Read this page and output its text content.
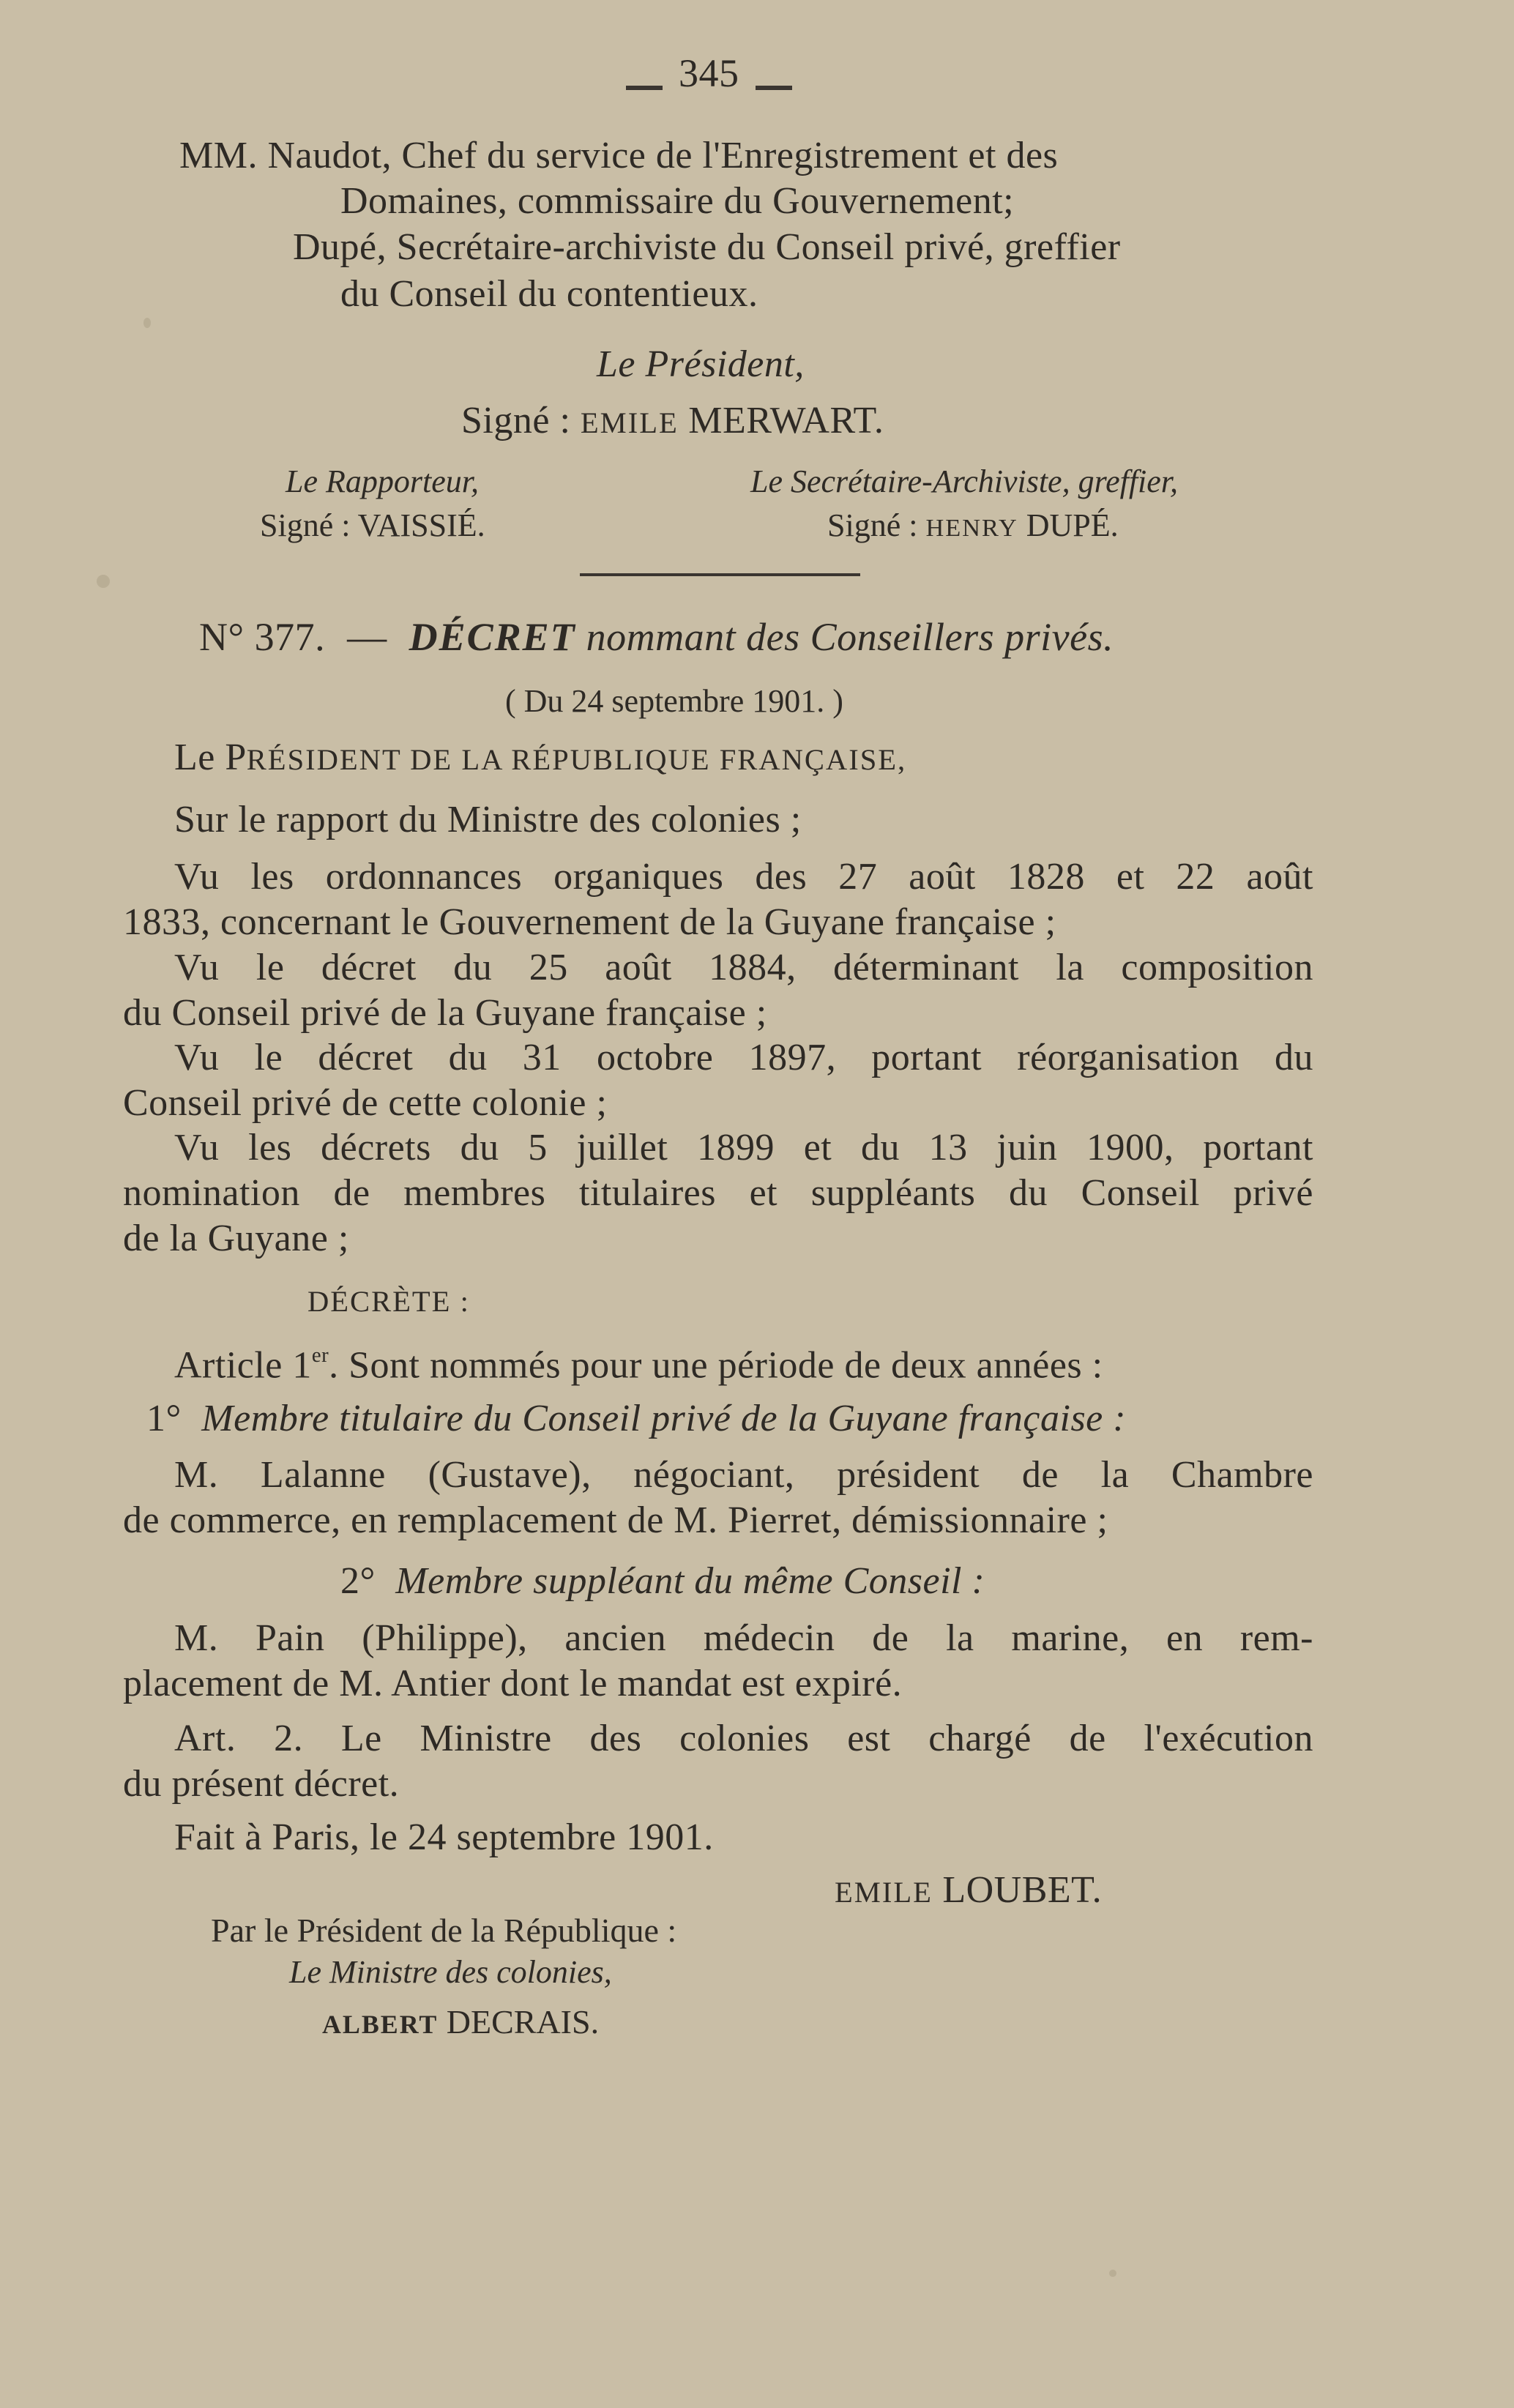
345
MM. Naudot, Chef du service de l'Enregistrement et des
Domaines, commissaire du Gouvernement;
Dupé, Secrétaire-archiviste du Conseil privé, greffier
du Conseil du contentieux.
Le Président,
Signé : EMILE MERWART.
Le Rapporteur,
Signé : VAISSIÉ.
Le Secrétaire-Archiviste, greffier,
Signé : HENRY DUPÉ.
N° 377. — DÉCRET nommant des Conseillers privés.
( Du 24 septembre 1901. )
Le PRÉSIDENT DE LA RÉPUBLIQUE FRANÇAISE,
Sur le rapport du Ministre des colonies ;
Vu les ordonnances organiques des 27 août 1828 et 22 août
1833, concernant le Gouvernement de la Guyane française ;
Vu le décret du 25 août 1884, déterminant la composition
du Conseil privé de la Guyane française ;
Vu le décret du 31 octobre 1897, portant réorganisation du
Conseil privé de cette colonie ;
Vu les décrets du 5 juillet 1899 et du 13 juin 1900, portant
nomination de membres titulaires et suppléants du Conseil privé
de la Guyane ;
DÉCRÈTE :
Article 1er. Sont nommés pour une période de deux années :
1° Membre titulaire du Conseil privé de la Guyane française :
M. Lalanne (Gustave), négociant, président de la Chambre
de commerce, en remplacement de M. Pierret, démissionnaire ;
2° Membre suppléant du même Conseil :
M. Pain (Philippe), ancien médecin de la marine, en rem-
placement de M. Antier dont le mandat est expiré.
Art. 2. Le Ministre des colonies est chargé de l'exécution
du présent décret.
Fait à Paris, le 24 septembre 1901.
EMILE LOUBET.
Par le Président de la République :
Le Ministre des colonies,
ALBERT DECRAIS.
